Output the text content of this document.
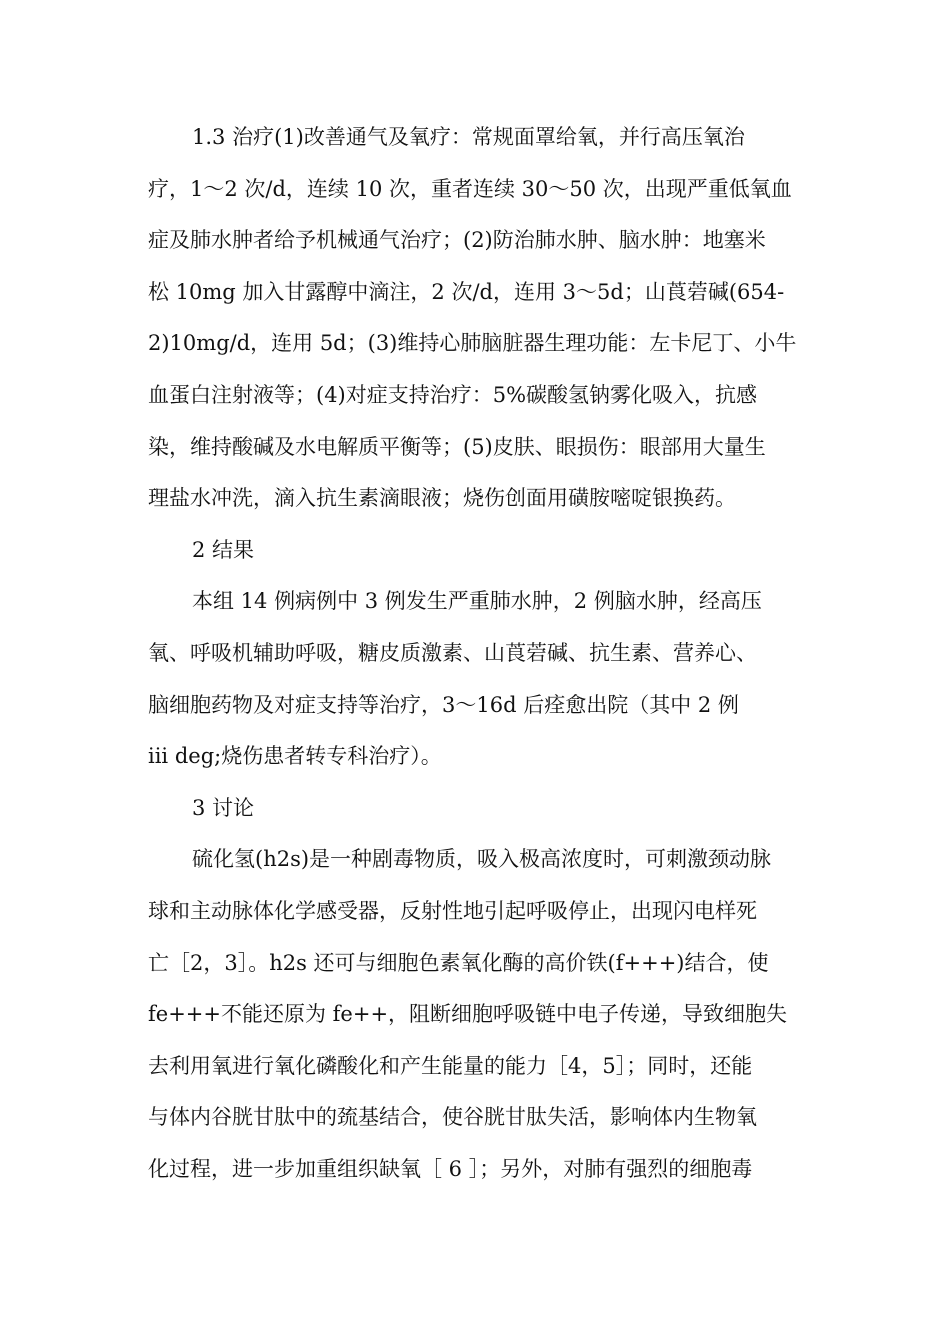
1.3 治疗(1)改善通气及氧疗：常规面罩给氧，并行高压氧治
疗，1～2 次/d，连续 10 次，重者连续 30～50 次，出现严重低氧血
症及肺水肿者给予机械通气治疗；(2)防治肺水肿、脑水肿：地塞米
松 10mg 加入甘露醇中滴注，2 次/d，连用 3～5d；山莨菪碱(654-
2)10mg/d，连用 5d；(3)维持心肺脑脏器生理功能：左卡尼丁、小牛
血蛋白注射液等；(4)对症支持治疗：5%碳酸氢钠雾化吸入，抗感
染，维持酸碱及水电解质平衡等；(5)皮肤、眼损伤：眼部用大量生
理盐水冲洗，滴入抗生素滴眼液；烧伤创面用磺胺嘧啶银换药。
2 结果
本组 14 例病例中 3 例发生严重肺水肿，2 例脑水肿，经高压
氧、呼吸机辅助呼吸，糖皮质激素、山莨菪碱、抗生素、营养心、
脑细胞药物及对症支持等治疗，3～16d 后痊愈出院（其中 2 例
iii deg;烧伤患者转专科治疗）。
3 讨论
硫化氢(h2s)是一种剧毒物质，吸入极高浓度时，可刺激颈动脉
球和主动脉体化学感受器，反射性地引起呼吸停止，出现闪电样死
亡［2，3］。h2s 还可与细胞色素氧化酶的高价铁(f+++)结合，使
fe+++不能还原为 fe++，阻断细胞呼吸链中电子传递，导致细胞失
去利用氧进行氧化磷酸化和产生能量的能力［4，5］；同时，还能
与体内谷胱甘肽中的巯基结合，使谷胱甘肽失活，影响体内生物氧
化过程，进一步加重组织缺氧［ 6 ］；另外，对肺有强烈的细胞毒
